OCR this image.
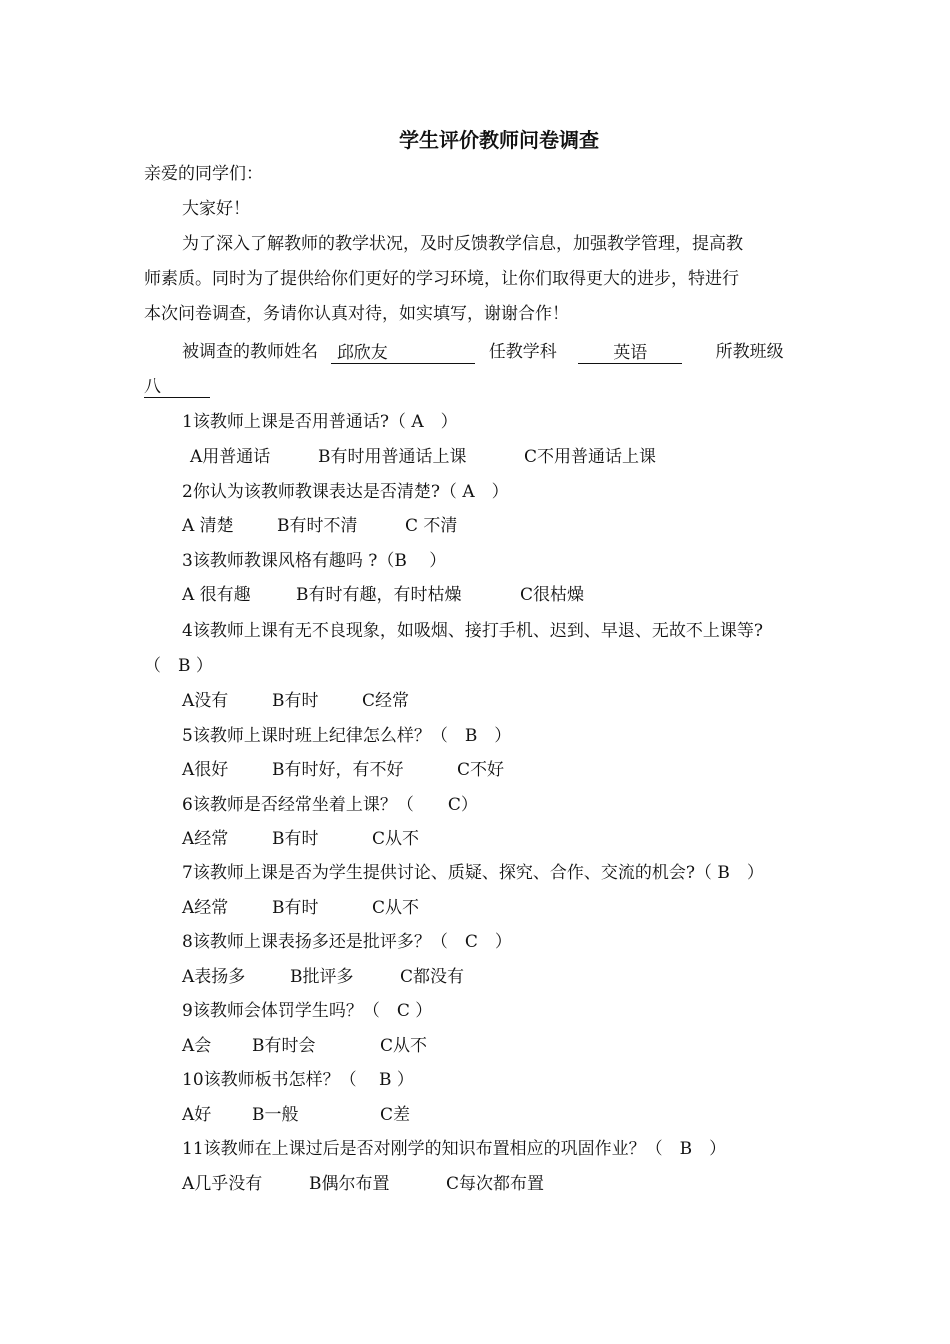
学生评价教师问卷调查
亲爱的同学们：
大家好！
为了深入了解教师的教学状况，及时反馈教学信息，加强教学管理，提高教
师素质。同时为了提供给你们更好的学习环境，让你们取得更大的进步，特进行
本次问卷调查，务请你认真对待，如实填写，谢谢合作！
被调查的教师姓名 邱欣友	任教学科	英语	所教班级
八
1该教师上课是否用普通话?（ A　）
A用普通话	B有时用普通话上课	C不用普通话上课
2你认为该教师教课表达是否清楚?（ A　）
A 清楚	B有时不清	C 不清
3该教师教课风格有趣吗 ?（B　 ）
A 很有趣	B有时有趣，有时枯燥	C很枯燥
4该教师上课有无不良现象，如吸烟、接打手机、迟到、早退、无故不上课等?
（　B ）
A没有	B有时	C经常
5该教师上课时班上纪律怎么样？（　B　）
A很好	B有时好，有不好	C不好
6该教师是否经常坐着上课？（　　C）
A经常	B有时	C从不
7该教师上课是否为学生提供讨论、质疑、探究、合作、交流的机会?（ B　）
A经常	B有时	C从不
8该教师上课表扬多还是批评多？（　C　）
A表扬多	B批评多	C都没有
9该教师会体罚学生吗？（　C ）
A会 B有时会	C从不
10该教师板书怎样？（　 B ）
A好 B一般	C差
11该教师在上课过后是否对刚学的知识布置相应的巩固作业？（　B　）
A几乎没有	B偶尔布置	C每次都布置
